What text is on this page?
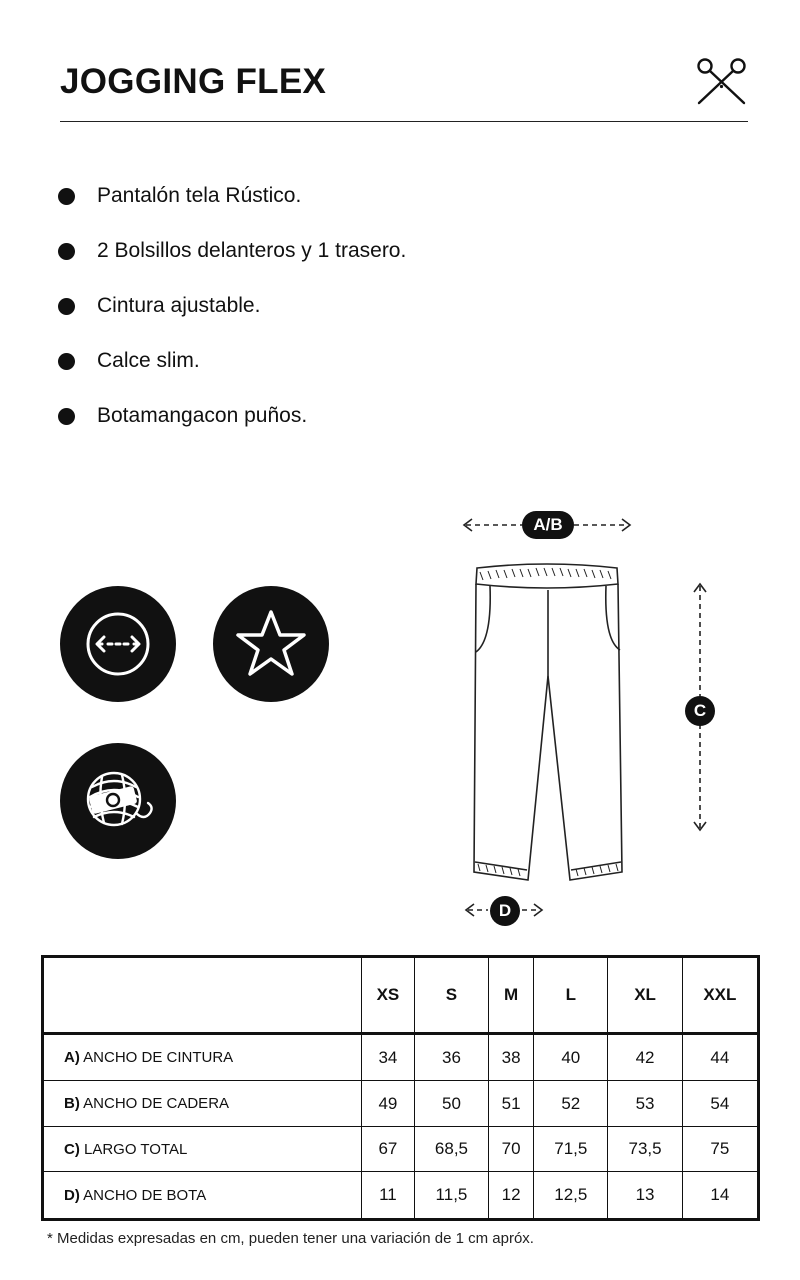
JOGGING FLEX
Pantalón tela Rústico.
2 Bolsillos delanteros y 1 trasero.
Cintura ajustable.
Calce slim.
Botamangacon puños.
A/B
C
D
	XS	S	M	L	XL	XXL
A) ANCHO DE CINTURA	34	36	38	40	42	44
B) ANCHO DE CADERA	49	50	51	52	53	54
C) LARGO TOTAL	67	68,5	70	71,5	73,5	75
D) ANCHO DE BOTA	11	11,5	12	12,5	13	14
* Medidas expresadas en cm, pueden tener una variación de 1 cm apróx.
